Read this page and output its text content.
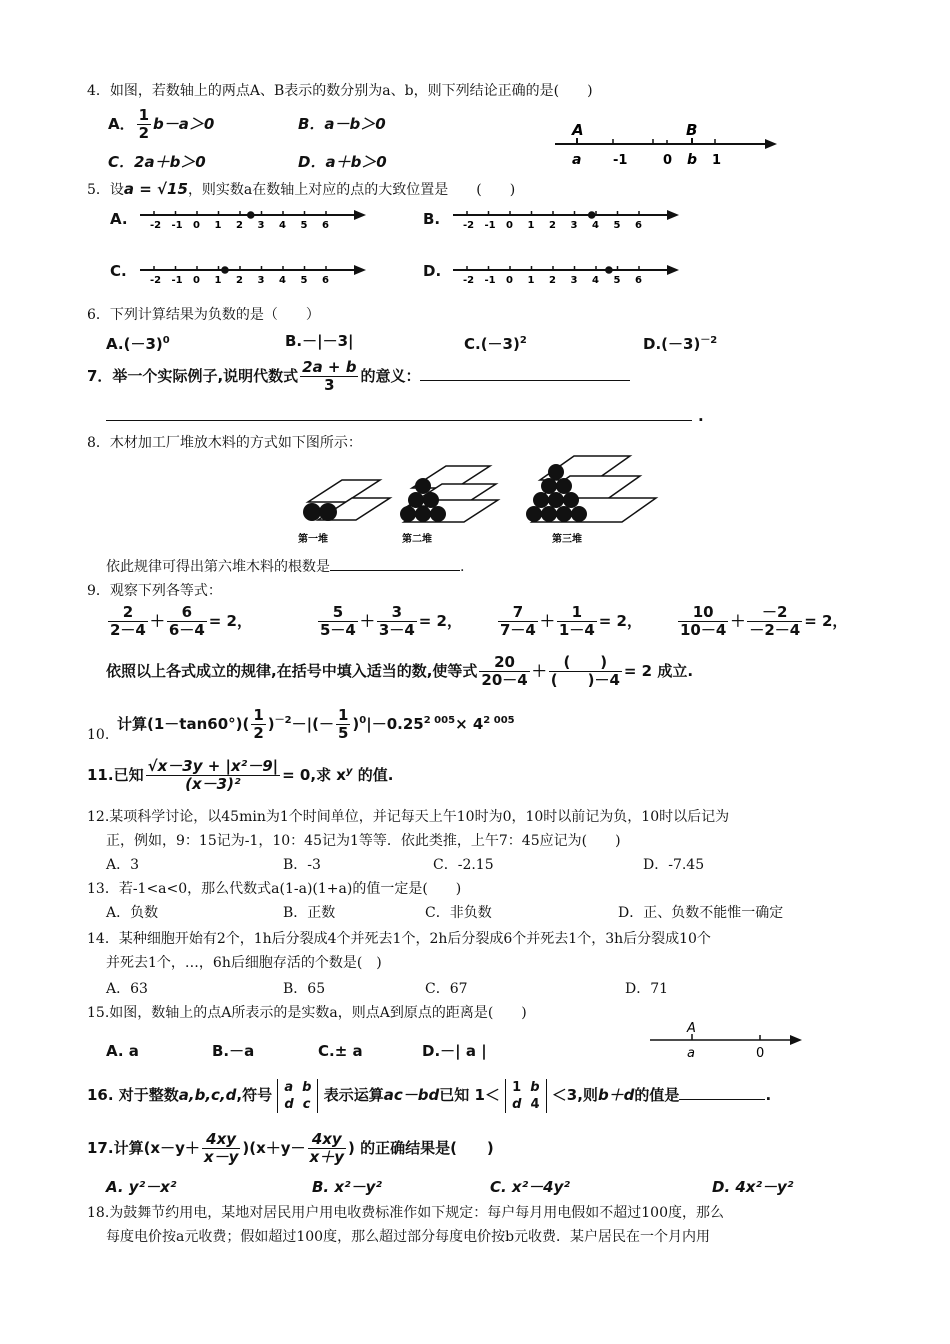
4．如图，若数轴上的两点A、B表示的数分别为a、b，则下列结论正确的是(　　)
A． $\frac{1}{2} b-a>0$	B．a－b＞0
C．2a＋b＞0	D．a＋b＞0
A	B
a -1	0 b 1
5．设a = √15，则实数a在数轴上对应的点的大致位置是　　(　　)
A.	B.
C.	D.
-2 -1 0 1 2 3 4 5 6	-2 -1 0 1 2 3 4 5 6
-2 -1 0 1 2 3 4 5 6	-2 -1 0 1 2 3 4 5 6
6．下列计算结果为负数的是（　　）
$A.(-3)^0$	B.－|－3|	$C.(-3)^2$	$D.(-3)^{-2}$
7．举一个实际例子,说明代数式 $\frac{2a + b}{3}$ 的意义：
.
8．木材加工厂堆放木料的方式如下图所示：
第一堆	第二堆	第三堆
依此规律可得出第六堆木料的根数是	.
9．观察下列各等式：
$\frac{2}{2-4} + \frac{6}{6-4} = 2$，	$\frac{5}{5-4} + \frac{3}{3-4} = 2$， $\frac{7}{7-4} + \frac{1}{1-4} = 2$， $\frac{10}{10-4} + \frac{-2}{-2-4} = 2$，
依照以上各式成立的规律,在括号中填入适当的数,使等式 $\frac{20}{20-4} + \frac{( )}{( )-4} = 2$ 成立.
10.
计算$(1-\tan 60^\circ)( \frac{1}{2} )^{-2}-|(- \frac{1}{5} )^0|-0.25^{2 005}\times 4^{2 005}$
11.已知 $\frac{\text{√x－3y + |x²－9|}}{\text{(x－3)²}} = 0$,求 $x^y$ 的值.
12.某项科学讨论，以45min为1个时间单位，并记每天上午10时为0，10时以前记为负，10时以后记为
正，例如，9：15记为-1，10：45记为1等等．依此类推，上午7：45应记为(　　)
A．3	B．-3	C．-2.15	D．-7.45
13．若-1<a<0，那么代数式a(1-a)(1+a)的值一定是(　　)
A．负数	B．正数	C．非负数	D．正、负数不能惟一确定
14．某种细胞开始有2个，1h后分裂成4个并死去1个，2h后分裂成6个并死去1个，3h后分裂成10个
并死去1个，…，6h后细胞存活的个数是(　)
A．63	B．65	C．67	D．71
15.如图，数轴上的点A所表示的是实数a，则点A到原点的距离是(　　)
A. a	B.－a	C.± a	D.－| a |
A
a	0
16. 对于整数a,b,c,d,符号 a b
d c 表示运算ac－bd已知 1＜ 1 b
d 4 ＜3,则b＋d的值是	.
17.计算$(x-y+ \frac{4xy}{x-y} )(x+y- \frac{4xy}{x+y}$ ) 的正确结果是(　　)
A. y²－x²	B. x²－y²	C. x²－4y²	D. 4x²－y²
18.为鼓舞节约用电，某地对居民用户用电收费标准作如下规定：每户每月用电假如不超过100度，那么
每度电价按a元收费；假如超过100度，那么超过部分每度电价按b元收费．某户居民在一个月内用
